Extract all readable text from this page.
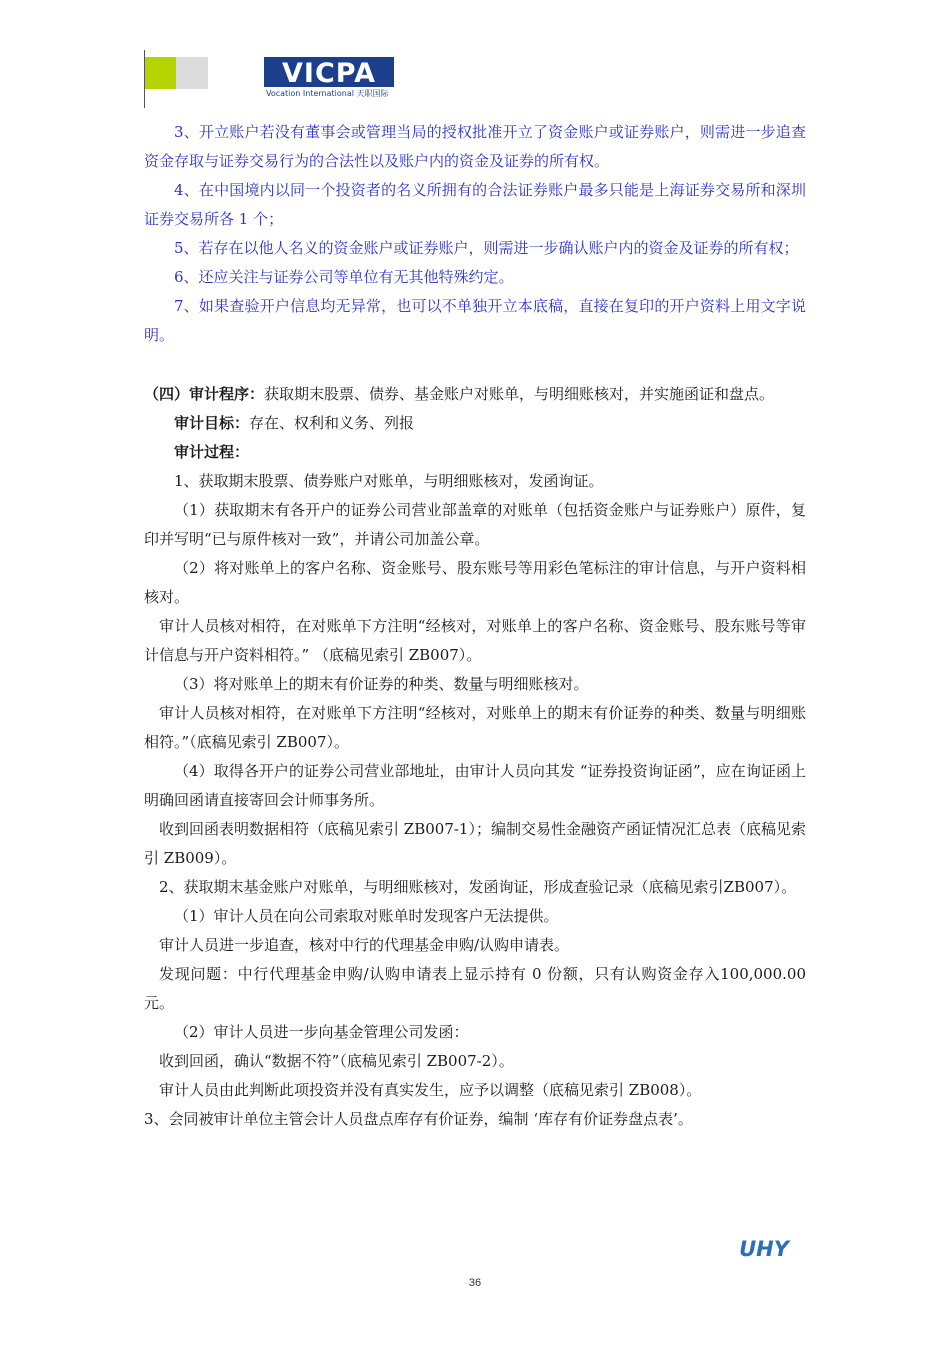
VICPA
Vocation International 天职国际

3、开立账户若没有董事会或管理当局的授权批准开立了资金账户或证券账户，则需进一步追查资金存取与证券交易行为的合法性以及账户内的资金及证券的所有权。

4、在中国境内以同一个投资者的名义所拥有的合法证券账户最多只能是上海证券交易所和深圳证券交易所各 1 个；

5、若存在以他人名义的资金账户或证券账户，则需进一步确认账户内的资金及证券的所有权；

6、还应关注与证券公司等单位有无其他特殊约定。

7、如果查验开户信息均无异常，也可以不单独开立本底稿，直接在复印的开户资料上用文字说明。

（四）审计程序：获取期末股票、债券、基金账户对账单，与明细账核对，并实施函证和盘点。

审计目标：存在、权利和义务、列报

审计过程：

1、获取期末股票、债券账户对账单，与明细账核对，发函询证。

（1）获取期末有各开户的证券公司营业部盖章的对账单（包括资金账户与证券账户）原件，复印并写明“已与原件核对一致”，并请公司加盖公章。

（2）将对账单上的客户名称、资金账号、股东账号等用彩色笔标注的审计信息，与开户资料相核对。

审计人员核对相符，在对账单下方注明“经核对，对账单上的客户名称、资金账号、股东账号等审计信息与开户资料相符。” （底稿见索引 ZB007）。

（3）将对账单上的期末有价证券的种类、数量与明细账核对。

审计人员核对相符，在对账单下方注明“经核对，对账单上的期末有价证券的种类、数量与明细账相符。”（底稿见索引 ZB007）。

（4）取得各开户的证券公司营业部地址，由审计人员向其发 “证券投资询证函”，应在询证函上明确回函请直接寄回会计师事务所。

收到回函表明数据相符（底稿见索引 ZB007-1）；编制交易性金融资产函证情况汇总表（底稿见索引 ZB009）。

2、获取期末基金账户对账单，与明细账核对，发函询证，形成查验记录（底稿见索引ZB007）。

（1）审计人员在向公司索取对账单时发现客户无法提供。

审计人员进一步追查，核对中行的代理基金申购/认购申请表。

发现问题：中行代理基金申购/认购申请表上显示持有 0 份额，只有认购资金存入100,000.00 元。

（2）审计人员进一步向基金管理公司发函：

收到回函，确认“数据不符”（底稿见索引 ZB007-2）。

审计人员由此判断此项投资并没有真实发生，应予以调整（底稿见索引 ZB008）。

3、会同被审计单位主管会计人员盘点库存有价证券，编制 ‘库存有价证券盘点表’。

UHY
36
